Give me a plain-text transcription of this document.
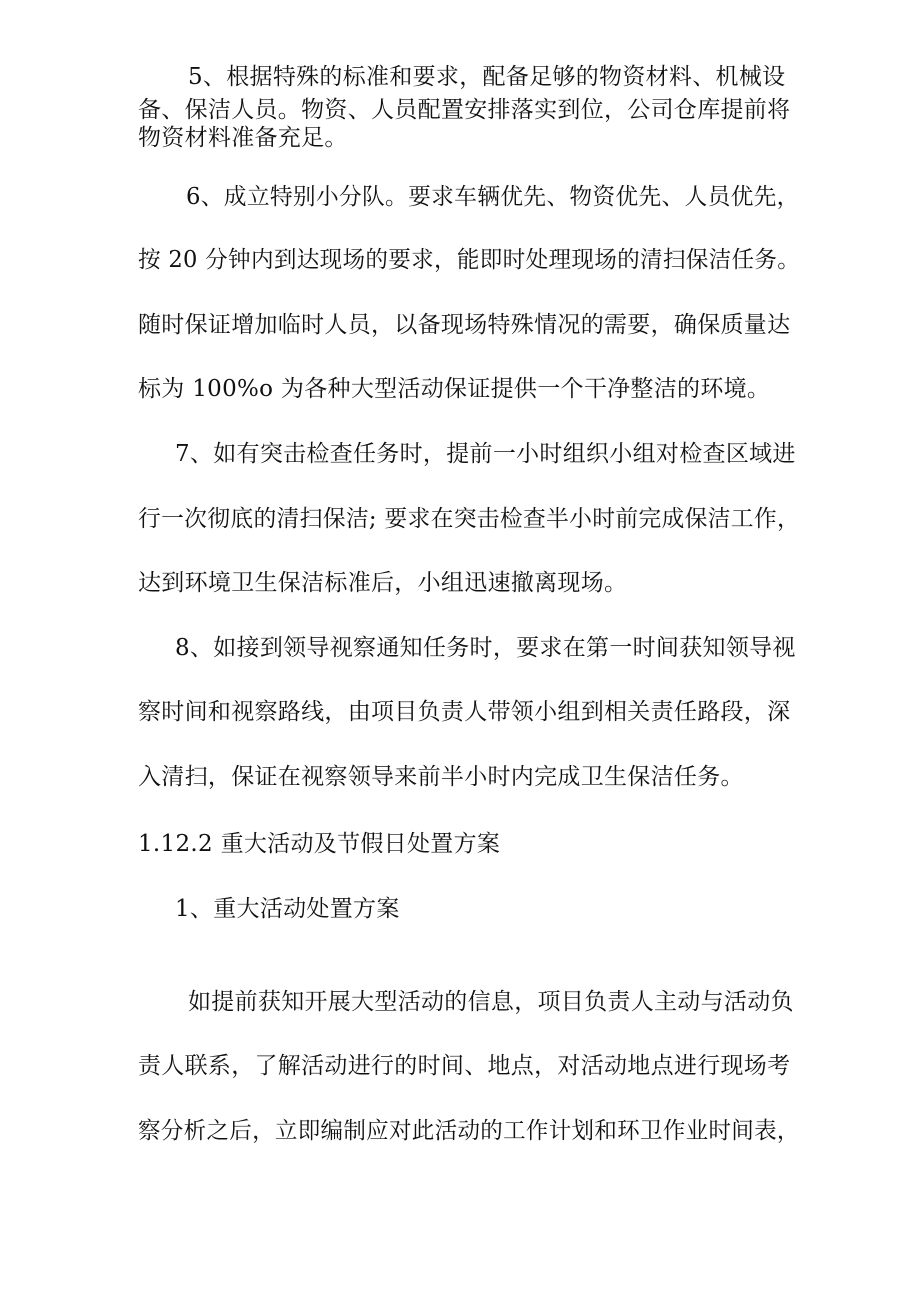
5、根据特殊的标准和要求，配备足够的物资材料、机械设
备、保洁人员。物资、人员配置安排落实到位，公司仓库提前将
物资材料准备充足。
6、成立特别小分队。要求车辆优先、物资优先、人员优先，
按 20 分钟内到达现场的要求，能即时处理现场的清扫保洁任务。
随时保证增加临时人员，以备现场特殊情况的需要，确保质量达
标为 100%o 为各种大型活动保证提供一个干净整洁的环境。
7、如有突击检查任务时，提前一小时组织小组对检查区域进
行一次彻底的清扫保洁; 要求在突击检查半小时前完成保洁工作，
达到环境卫生保洁标准后，小组迅速撤离现场。
8、如接到领导视察通知任务时，要求在第一时间获知领导视
察时间和视察路线，由项目负责人带领小组到相关责任路段，深
入清扫，保证在视察领导来前半小时内完成卫生保洁任务。
1.12.2 重大活动及节假日处置方案
1、重大活动处置方案
如提前获知开展大型活动的信息，项目负责人主动与活动负
责人联系，了解活动进行的时间、地点，对活动地点进行现场考
察分析之后，立即编制应对此活动的工作计划和环卫作业时间表，
